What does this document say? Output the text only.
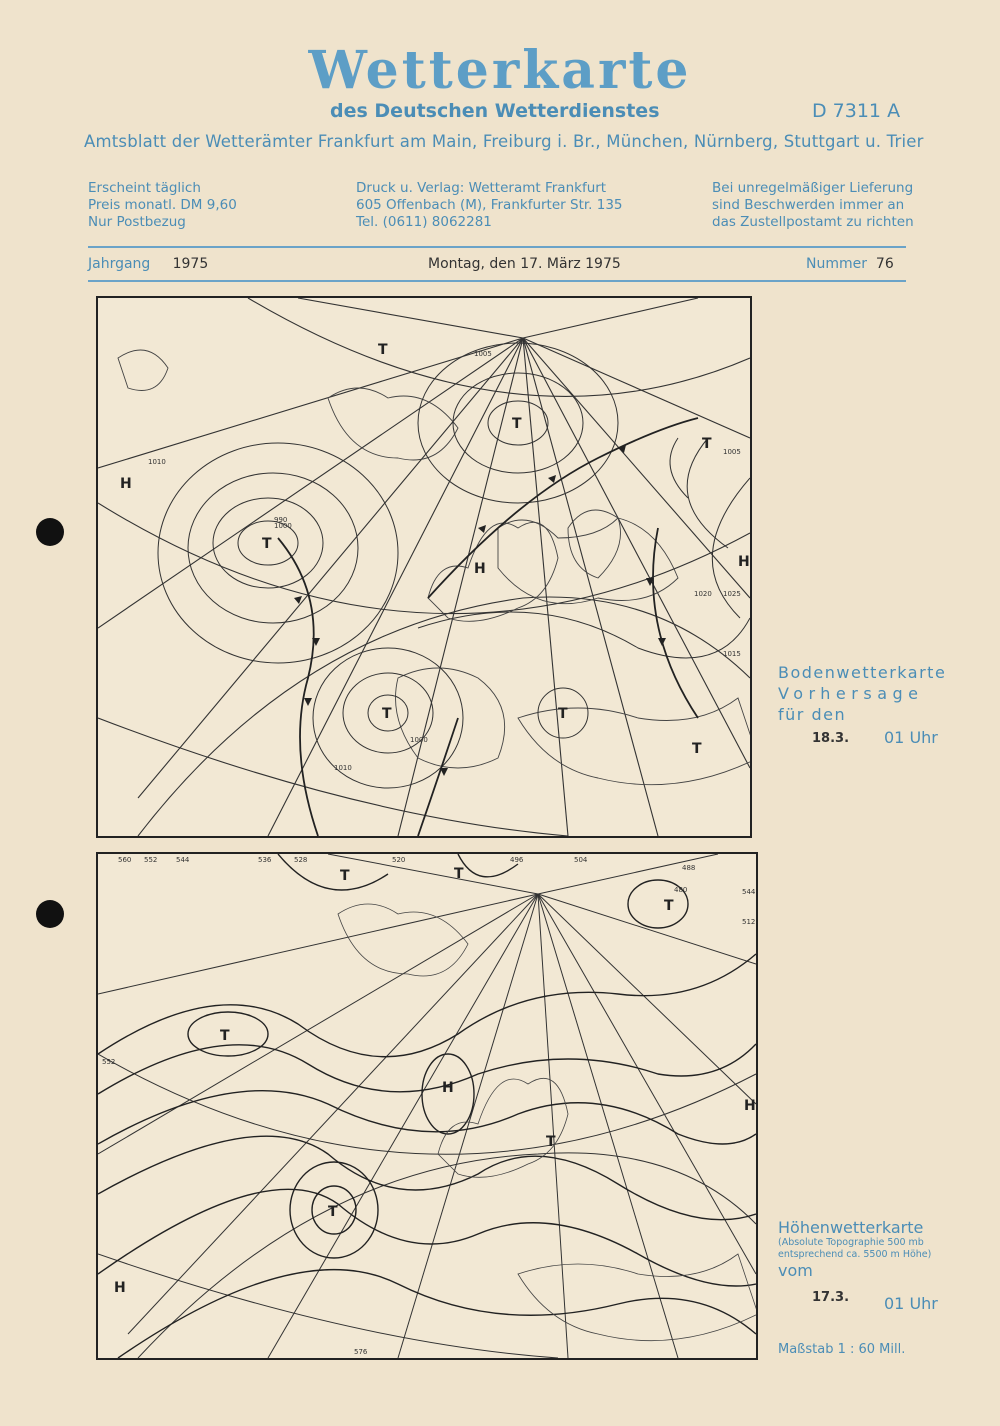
Wetterkarte
des Deutschen Wetterdienstes	D 7311 A
Amtsblatt der Wetterämter Frankfurt am Main, Freiburg i. Br., München, Nürnberg, Stuttgart u. Trier
Erscheint täglich
Preis monatl. DM 9,60
Nur Postbezug
Druck u. Verlag: Wetteramt Frankfurt
605 Offenbach (M), Frankfurter Str. 135
Tel. (0611) 8062281
Bei unregelmäßiger Lieferung
sind Beschwerden immer an
das Zustellpostamt zu richten
Jahrgang 1975	Montag, den 17. März 1975	Nummer 76
T
T
T	T
T
T
T
H
H	H
1000
990
1005
1010
1015
1020 1025
1000
1010
1005
Bodenwetterkarte
Vorhersage
für den
18.3. 01 Uhr
T
T
T	T
T
T
H
H
H
560 552	544	536	528	520
512
504
496
488
480	544
552
576
Höhenwetterkarte
(Absolute Topographie 500 mb
entsprechend ca. 5500 m Höhe)
vom
17.3. 01 Uhr
Maßstab 1 : 60 Mill.
